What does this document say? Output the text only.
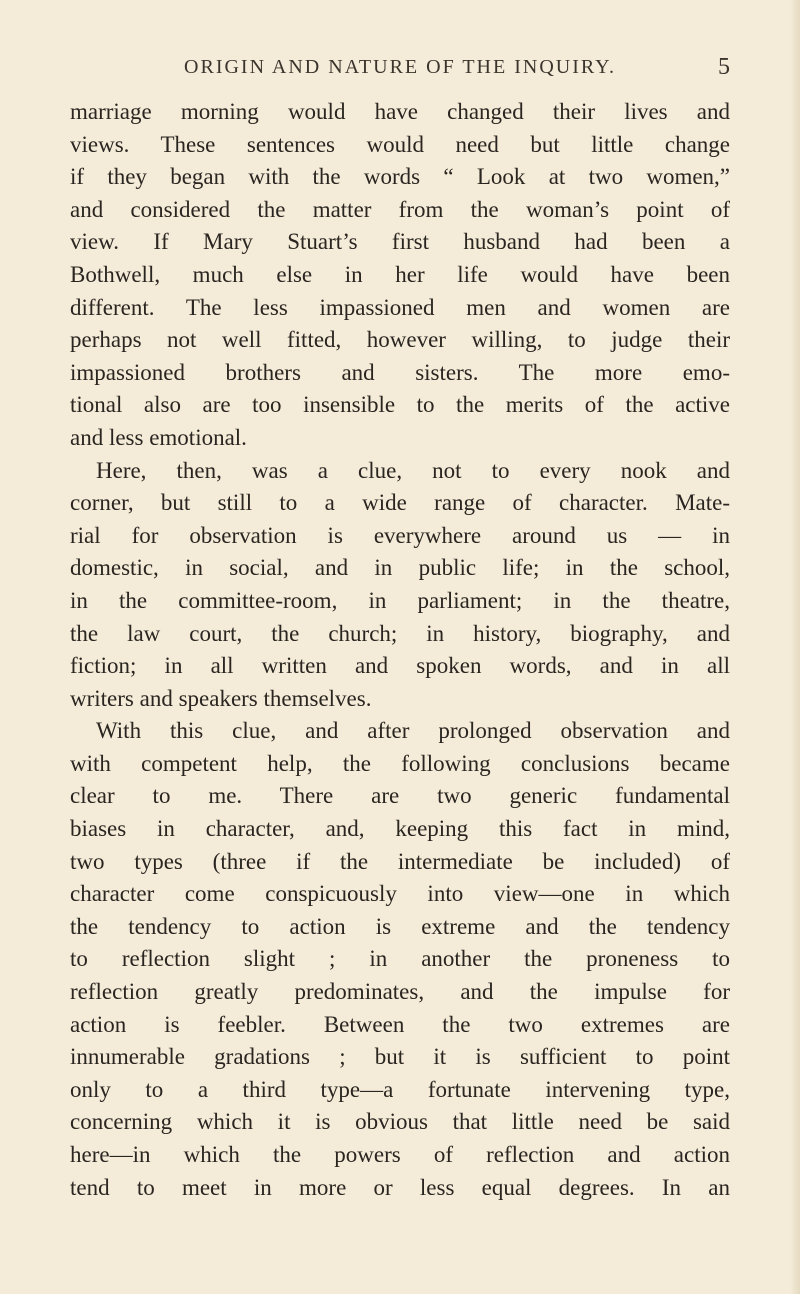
ORIGIN AND NATURE OF THE INQUIRY.	5
marriage morning would have changed their lives and
views. These sentences would need but little change
if they began with the words “ Look at two women,”
and considered the matter from the woman’s point of
view. If Mary Stuart’s first husband had been a
Bothwell, much else in her life would have been
different. The less impassioned men and women are
perhaps not well fitted, however willing, to judge their
impassioned brothers and sisters. The more emo-
tional also are too insensible to the merits of the active
and less emotional.
Here, then, was a clue, not to every nook and
corner, but still to a wide range of character. Mate-
rial for observation is everywhere around us — in
domestic, in social, and in public life; in the school,
in the committee-room, in parliament; in the theatre,
the law court, the church; in history, biography, and
fiction; in all written and spoken words, and in all
writers and speakers themselves.
With this clue, and after prolonged observation and
with competent help, the following conclusions became
clear to me. There are two generic fundamental
biases in character, and, keeping this fact in mind,
two types (three if the intermediate be included) of
character come conspicuously into view—one in which
the tendency to action is extreme and the tendency
to reflection slight ; in another the proneness to
reflection greatly predominates, and the impulse for
action is feebler. Between the two extremes are
innumerable gradations ; but it is sufficient to point
only to a third type—a fortunate intervening type,
concerning which it is obvious that little need be said
here—in which the powers of reflection and action
tend to meet in more or less equal degrees. In an
